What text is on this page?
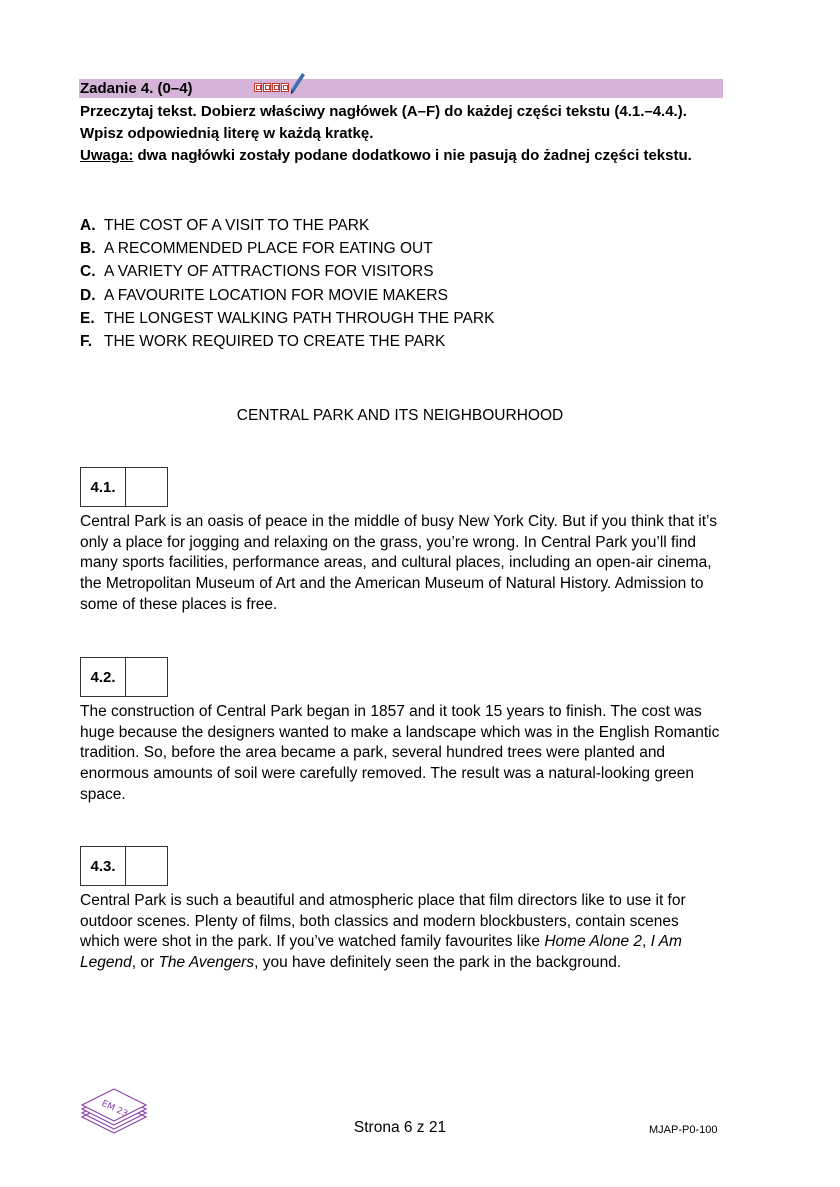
Zadanie 4. (0–4)

Przeczytaj tekst. Dobierz właściwy nagłówek (A–F) do każdej części tekstu (4.1.–4.4.).

Wpisz odpowiednią literę w każdą kratkę.

Uwaga: dwa nagłówki zostały podane dodatkowo i nie pasują do żadnej części tekstu.

A. THE COST OF A VISIT TO THE PARK
B. A RECOMMENDED PLACE FOR EATING OUT
C. A VARIETY OF ATTRACTIONS FOR VISITORS
D. A FAVOURITE LOCATION FOR MOVIE MAKERS
E. THE LONGEST WALKING PATH THROUGH THE PARK
F. THE WORK REQUIRED TO CREATE THE PARK
CENTRAL PARK AND ITS NEIGHBOURHOOD
4.1.

Central Park is an oasis of peace in the middle of busy New York City. But if you think that it’s only a place for jogging and relaxing on the grass, you’re wrong. In Central Park you’ll find many sports facilities, performance areas, and cultural places, including an open-air cinema, the Metropolitan Museum of Art and the American Museum of Natural History. Admission to some of these places is free.

4.2.

The construction of Central Park began in 1857 and it took 15 years to finish. The cost was huge because the designers wanted to make a landscape which was in the English Romantic tradition. So, before the area became a park, several hundred trees were planted and enormous amounts of soil were carefully removed. The result was a natural-looking green space.

4.3.

Central Park is such a beautiful and atmospheric place that film directors like to use it for outdoor scenes. Plenty of films, both classics and modern blockbusters, contain scenes which were shot in the park. If you’ve watched family favourites like Home Alone 2, I Am Legend, or The Avengers, you have definitely seen the park in the background.

EM 23
Strona 6 z 21	MJAP-P0-100
